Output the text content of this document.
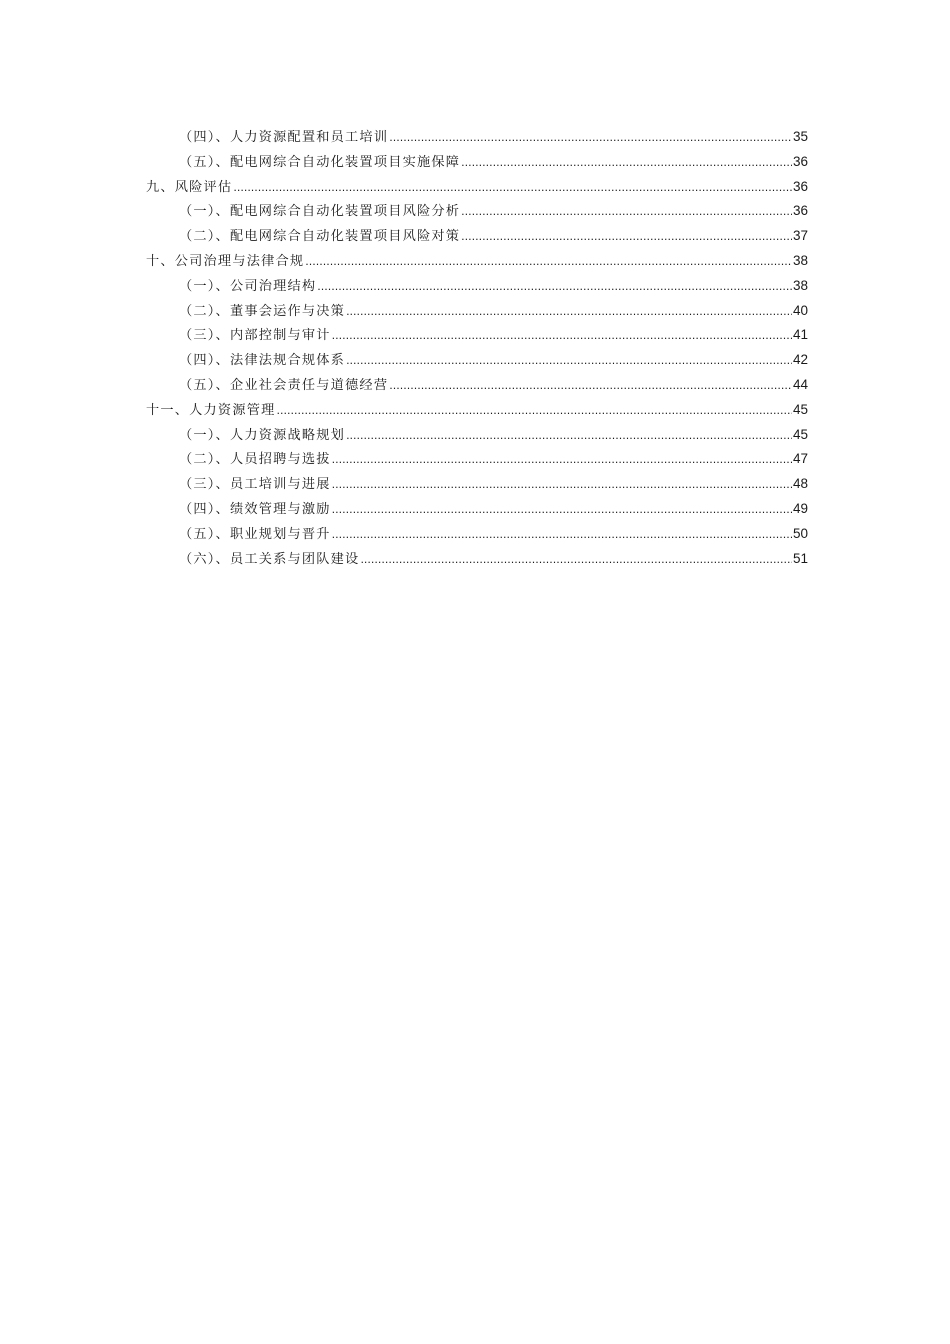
（四）、人力资源配置和员工培训 .....	35
（五）、配电网综合自动化装置项目实施保障 .....	36
九、风险评估 .....	36
（一）、配电网综合自动化装置项目风险分析 .....	36
（二）、配电网综合自动化装置项目风险对策 .....	37
十、公司治理与法律合规 .....	38
（一）、公司治理结构 .....	38
（二）、董事会运作与决策 .....	40
（三）、内部控制与审计 .....	41
（四）、法律法规合规体系 .....	42
（五）、企业社会责任与道德经营 .....	44
十一、人力资源管理 .....	45
（一）、人力资源战略规划 .....	45
（二）、人员招聘与选拔 .....	47
（三）、员工培训与进展 .....	48
（四）、绩效管理与激励 .....	49
（五）、职业规划与晋升 .....	50
（六）、员工关系与团队建设 .....	51
